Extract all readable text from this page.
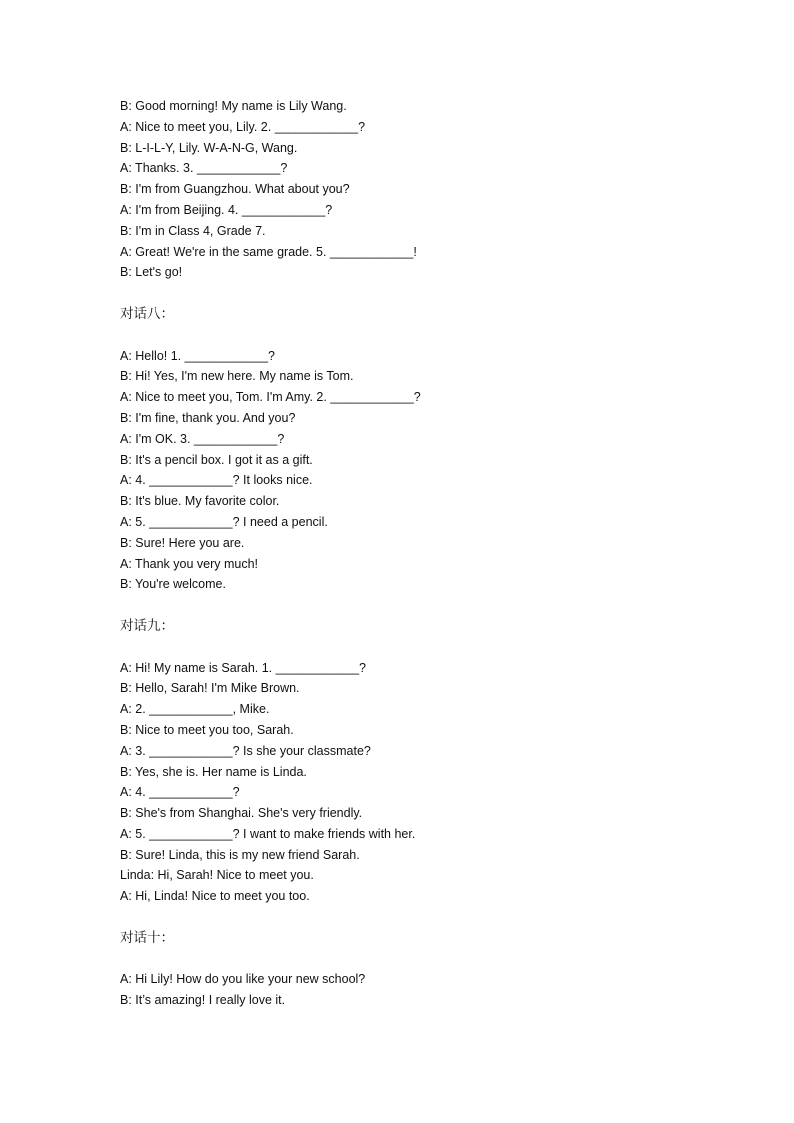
B: Good morning! My name is Lily Wang.
A: Nice to meet you, Lily. 2. ____________?
B: L-I-L-Y, Lily. W-A-N-G, Wang.
A: Thanks. 3. ____________?
B: I'm from Guangzhou. What about you?
A: I'm from Beijing. 4. ____________?
B: I'm in Class 4, Grade 7.
A: Great! We're in the same grade. 5. ____________!
B: Let's go!
对话八：
A: Hello! 1. ____________?
B: Hi! Yes, I'm new here. My name is Tom.
A: Nice to meet you, Tom. I'm Amy. 2. ____________?
B: I'm fine, thank you. And you?
A: I'm OK. 3. ____________?
B: It's a pencil box. I got it as a gift.
A: 4. ____________? It looks nice.
B: It's blue. My favorite color.
A: 5. ____________? I need a pencil.
B: Sure! Here you are.
A: Thank you very much!
B: You're welcome.
对话九：
A: Hi! My name is Sarah. 1. ____________?
B: Hello, Sarah! I'm Mike Brown.
A: 2. ____________, Mike.
B: Nice to meet you too, Sarah.
A: 3. ____________? Is she your classmate?
B: Yes, she is. Her name is Linda.
A: 4. ____________?
B: She's from Shanghai. She's very friendly.
A: 5. ____________? I want to make friends with her.
B: Sure! Linda, this is my new friend Sarah.
Linda: Hi, Sarah! Nice to meet you.
A: Hi, Linda! Nice to meet you too.
对话十：
A: Hi Lily! How do you like your new school?
B: It’s amazing! I really love it.
